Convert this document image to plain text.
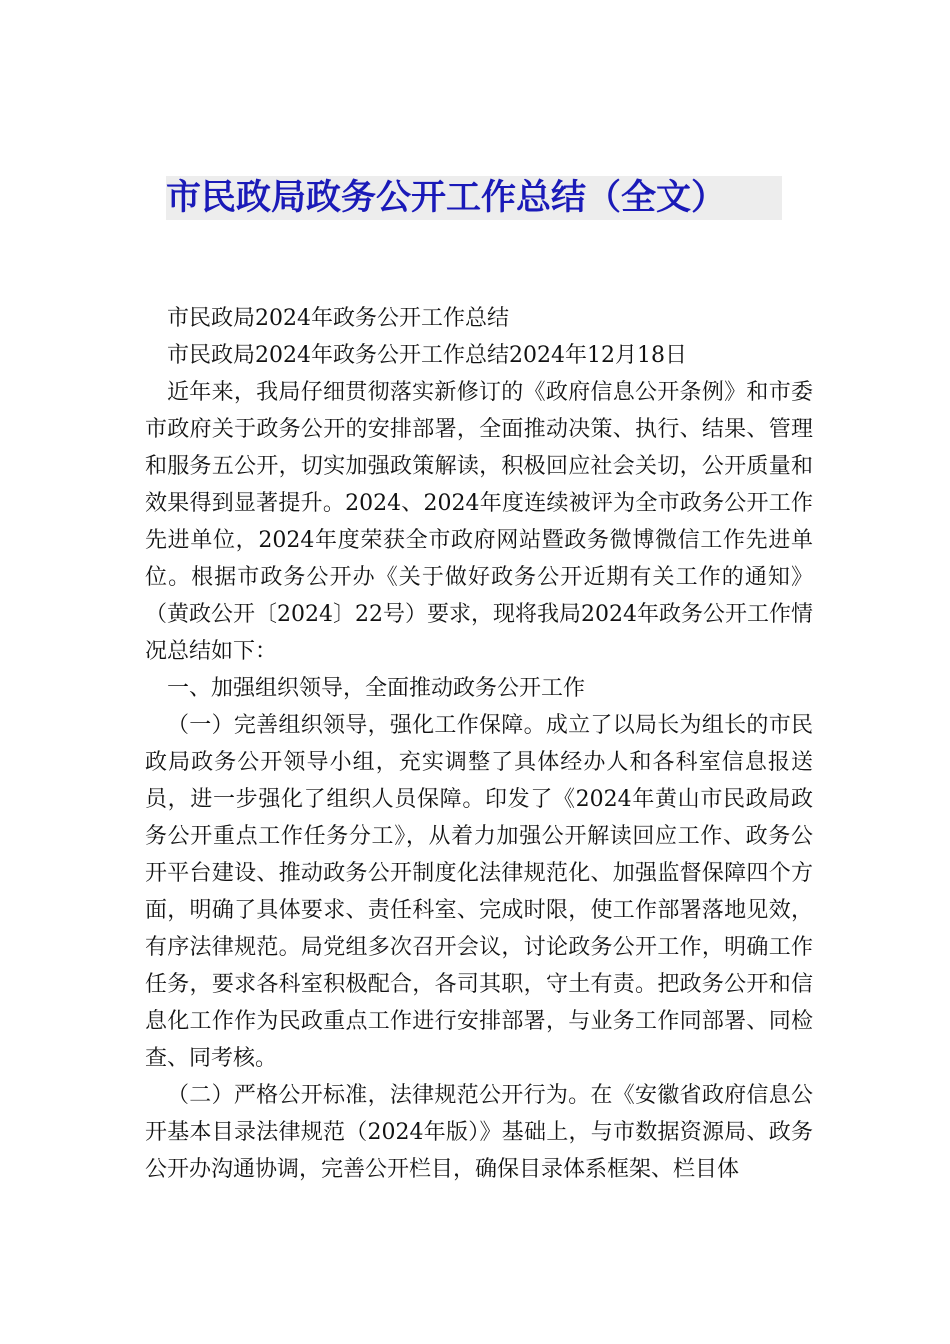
市民政局政务公开工作总结（全文）

市民政局2024年政务公开工作总结

市民政局2024年政务公开工作总结2024年12月18日

近年来，我局仔细贯彻落实新修订的《政府信息公开条例》和市委市政府关于政务公开的安排部署，全面推动决策、执行、结果、管理和服务五公开，切实加强政策解读，积极回应社会关切，公开质量和效果得到显著提升。2024、2024年度连续被评为全市政务公开工作先进单位，2024年度荣获全市政府网站暨政务微博微信工作先进单位。根据市政务公开办《关于做好政务公开近期有关工作的通知》（黄政公开〔2024〕22号）要求，现将我局2024年政务公开工作情况总结如下：

一、加强组织领导，全面推动政务公开工作

（一）完善组织领导，强化工作保障。成立了以局长为组长的市民政局政务公开领导小组，充实调整了具体经办人和各科室信息报送员，进一步强化了组织人员保障。印发了《2024年黄山市民政局政务公开重点工作任务分工》，从着力加强公开解读回应工作、政务公开平台建设、推动政务公开制度化法律规范化、加强监督保障四个方面，明确了具体要求、责任科室、完成时限，使工作部署落地见效，有序法律规范。局党组多次召开会议，讨论政务公开工作，明确工作任务，要求各科室积极配合，各司其职，守土有责。把政务公开和信息化工作作为民政重点工作进行安排部署，与业务工作同部署、同检查、同考核。

（二）严格公开标准，法律规范公开行为。在《安徽省政府信息公开基本目录法律规范（2024年版）》基础上，与市数据资源局、政务公开办沟通协调，完善公开栏目，确保目录体系框架、栏目体
